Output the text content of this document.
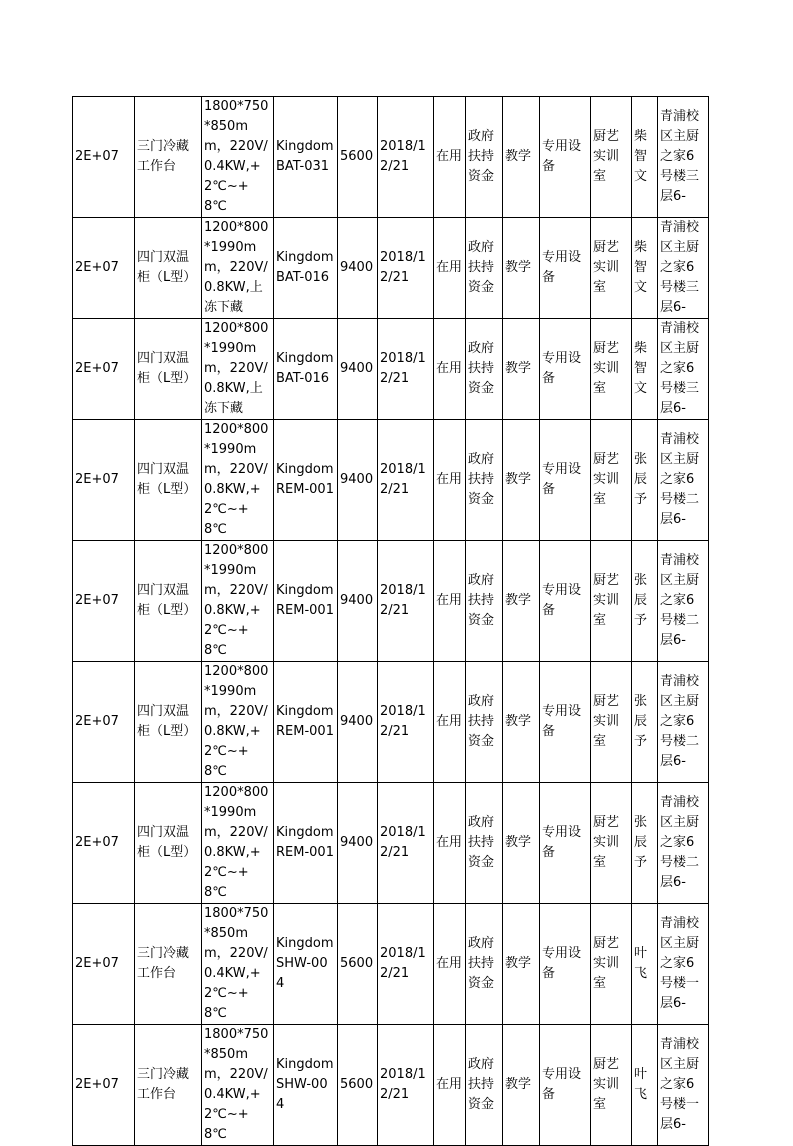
2E+07	三门冷藏工作台	1800*750*850mm，220V/0.4KW,+2℃~+8℃	Kingdom BAT-031	5600	2018/12/21	在用	政府扶持资金	教学	专用设备	厨艺实训室	柴智文	青浦校区主厨之家6号楼三层6-

2E+07	四门双温柜（L型）	1200*800*1990mm，220V/0.8KW,上冻下藏	Kingdom BAT-016	9400	2018/12/21	在用	政府扶持资金	教学	专用设备	厨艺实训室	柴智文	青浦校区主厨之家6号楼三层6-

2E+07	四门双温柜（L型）	1200*800*1990mm，220V/0.8KW,上冻下藏	Kingdom BAT-016	9400	2018/12/21	在用	政府扶持资金	教学	专用设备	厨艺实训室	柴智文	青浦校区主厨之家6号楼三层6-

2E+07	四门双温柜（L型）	1200*800*1990mm，220V/0.8KW,+2℃~+8℃	Kingdom REM-001	9400	2018/12/21	在用	政府扶持资金	教学	专用设备	厨艺实训室	张辰予	青浦校区主厨之家6号楼二层6-

2E+07	四门双温柜（L型）	1200*800*1990mm，220V/0.8KW,+2℃~+8℃	Kingdom REM-001	9400	2018/12/21	在用	政府扶持资金	教学	专用设备	厨艺实训室	张辰予	青浦校区主厨之家6号楼二层6-

2E+07	四门双温柜（L型）	1200*800*1990mm，220V/0.8KW,+2℃~+8℃	Kingdom REM-001	9400	2018/12/21	在用	政府扶持资金	教学	专用设备	厨艺实训室	张辰予	青浦校区主厨之家6号楼二层6-

2E+07	四门双温柜（L型）	1200*800*1990mm，220V/0.8KW,+2℃~+8℃	Kingdom REM-001	9400	2018/12/21	在用	政府扶持资金	教学	专用设备	厨艺实训室	张辰予	青浦校区主厨之家6号楼二层6-

2E+07	三门冷藏工作台	1800*750*850mm，220V/0.4KW,+2℃~+8℃	Kingdom SHW-004	5600	2018/12/21	在用	政府扶持资金	教学	专用设备	厨艺实训室	叶飞	青浦校区主厨之家6号楼一层6-

2E+07	三门冷藏工作台	1800*750*850mm，220V/0.4KW,+2℃~+8℃	Kingdom SHW-004	5600	2018/12/21	在用	政府扶持资金	教学	专用设备	厨艺实训室	叶飞	青浦校区主厨之家6号楼一层6-
